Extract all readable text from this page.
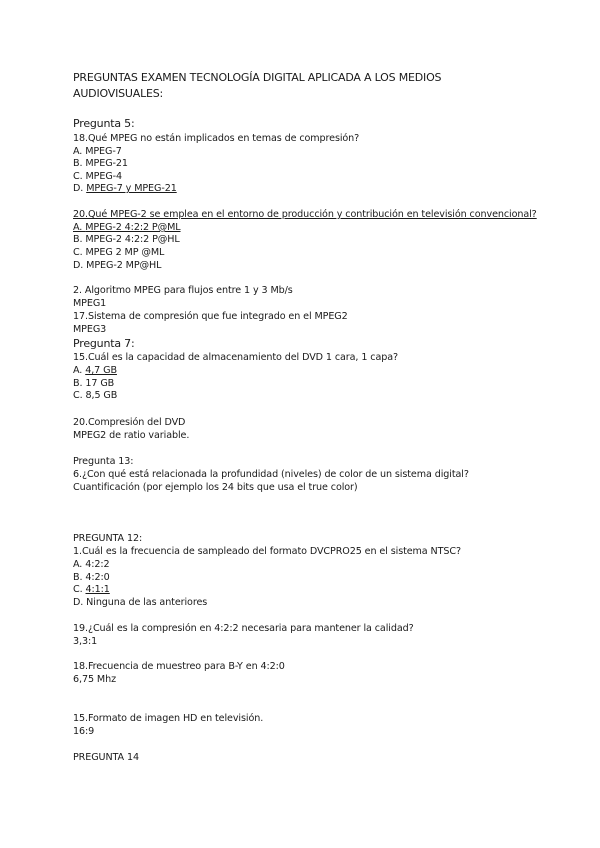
PREGUNTAS EXAMEN TECNOLOGÍA DIGITAL APLICADA A LOS MEDIOS

AUDIOVISUALES:

Pregunta 5:

18.Qué MPEG no están implicados en temas de compresión?

A. MPEG-7

B. MPEG-21

C. MPEG-4

D. MPEG-7 y MPEG-21

20.Qué MPEG-2 se emplea en el entorno de producción y contribución en televisión convencional?

A. MPEG-2 4:2:2 P@ML

B. MPEG-2 4:2:2 P@HL

C. MPEG 2 MP @ML

D. MPEG-2 MP@HL

2. Algoritmo MPEG para flujos entre 1 y 3 Mb/s

MPEG1

17.Sistema de compresión que fue integrado en el MPEG2

MPEG3

Pregunta 7:

15.Cuál es la capacidad de almacenamiento del DVD 1 cara, 1 capa?

A. 4,7 GB

B. 17 GB

C. 8,5 GB

20.Compresión del DVD

MPEG2 de ratio variable.

Pregunta 13:

6.¿Con qué está relacionada la profundidad (niveles) de color de un sistema digital?

Cuantificación (por ejemplo los 24 bits que usa el true color)

PREGUNTA 12:

1.Cuál es la frecuencia de sampleado del formato DVCPRO25 en el sistema NTSC?

A. 4:2:2

B. 4:2:0

C. 4:1:1

D. Ninguna de las anteriores

19.¿Cuál es la compresión en 4:2:2 necesaria para mantener la calidad?

3,3:1

18.Frecuencia de muestreo para B-Y en 4:2:0

6,75 Mhz

15.Formato de imagen HD en televisión.

16:9

PREGUNTA 14
